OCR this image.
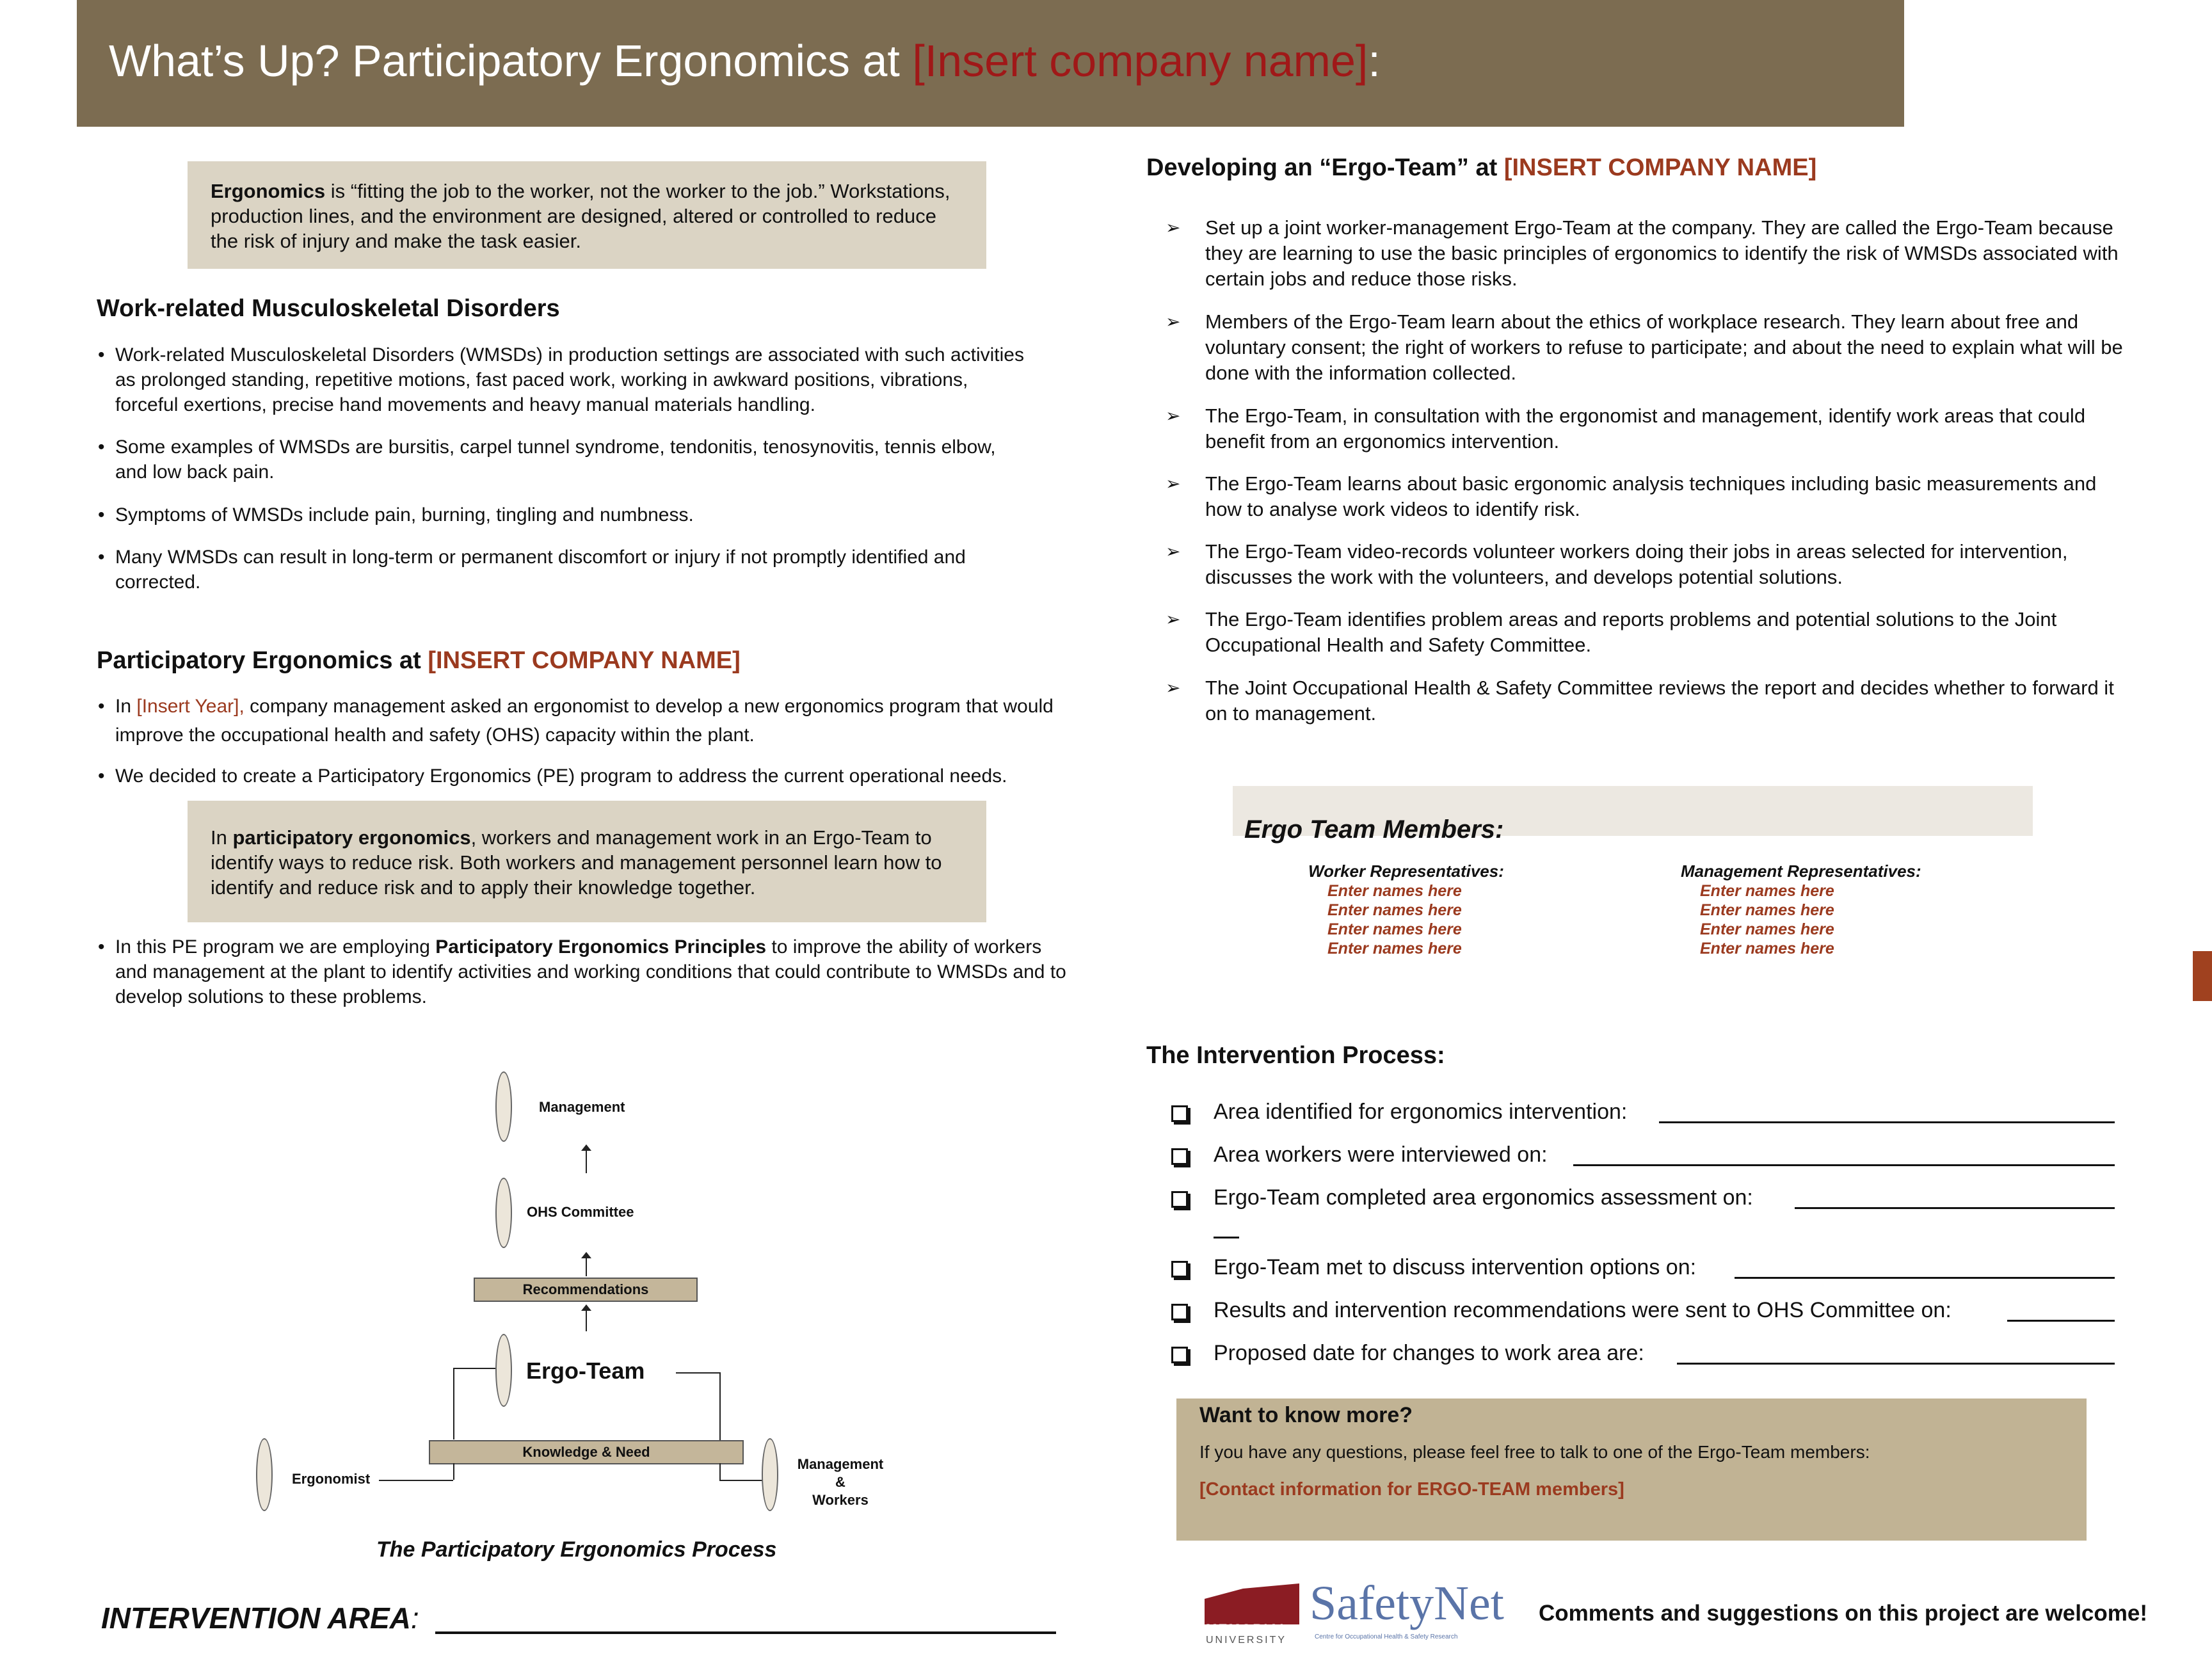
What’s Up? Participatory Ergonomics at [Insert company name]:
Ergonomics is “fitting the job to the worker, not the worker to the job.” Workstations, production lines, and the environment are designed, altered or controlled to reduce the risk of injury and make the task easier.
Work-related Musculoskeletal Disorders
• Work-related Musculoskeletal Disorders (WMSDs) in production settings are associated with such activities as prolonged standing, repetitive motions, fast paced work, working in awkward positions, vibrations, forceful exertions, precise hand movements and heavy manual materials handling.
• Some examples of WMSDs are bursitis, carpel tunnel syndrome, tendonitis, tenosynovitis, tennis elbow, and low back pain.
• Symptoms of WMSDs include pain, burning, tingling and numbness.
• Many WMSDs can result in long-term or permanent discomfort or injury if not promptly identified and corrected.
Participatory Ergonomics at [INSERT COMPANY NAME]
• In [Insert Year], company management asked an ergonomist to develop a new ergonomics program that would improve the occupational health and safety (OHS) capacity within the plant.
• We decided to create a Participatory Ergonomics (PE) program to address the current operational needs.
In participatory ergonomics, workers and management work in an Ergo-Team to identify ways to reduce risk. Both workers and management personnel learn how to identify and reduce risk and to apply their knowledge together.
• In this PE program we are employing Participatory Ergonomics Principles to improve the ability of workers and management at the plant to identify activities and working conditions that could contribute to WMSDs and to develop solutions to these problems.
Management
OHS Committee
Recommendations
Ergo-Team
Knowledge & Need
Ergonomist
Management
&
Workers
The Participatory Ergonomics Process
INTERVENTION AREA:
Developing an “Ergo-Team” at [INSERT COMPANY NAME]
➢ Set up a joint worker-management Ergo-Team at the company. They are called the Ergo-Team because they are learning to use the basic principles of ergonomics to identify the risk of WMSDs associated with certain jobs and reduce those risks.
➢ Members of the Ergo-Team learn about the ethics of workplace research. They learn about free and voluntary consent; the right of workers to refuse to participate; and about the need to explain what will be done with the information collected.
➢ The Ergo-Team, in consultation with the ergonomist and management, identify work areas that could benefit from an ergonomics intervention.
➢ The Ergo-Team learns about basic ergonomic analysis techniques including basic measurements and how to analyse work videos to identify risk.
➢ The Ergo-Team video-records volunteer workers doing their jobs in areas selected for intervention, discusses the work with the volunteers, and develops potential solutions.
➢ The Ergo-Team identifies problem areas and reports problems and potential solutions to the Joint Occupational Health and Safety Committee.
➢ The Joint Occupational Health & Safety Committee reviews the report and decides whether to forward it on to management.
Ergo Team Members:
Worker Representatives:
Enter names here
Enter names here
Enter names here
Enter names here
Management Representatives:
Enter names here
Enter names here
Enter names here
Enter names here
The Intervention Process:
Area identified for ergonomics intervention:
Area workers were interviewed on:
Ergo-Team completed area ergonomics assessment on:
Ergo-Team met to discuss intervention options on:
Results and intervention recommendations were sent to OHS Committee on:
Proposed date for changes to work area are:
Want to know more?
If you have any questions, please feel free to talk to one of the Ergo-Team members:
[Contact information for ERGO-TEAM members]
MEMORIAL
UNIVERSITY
SafetyNet
Centre for Occupational Health & Safety Research
Comments and suggestions on this project are welcome!
